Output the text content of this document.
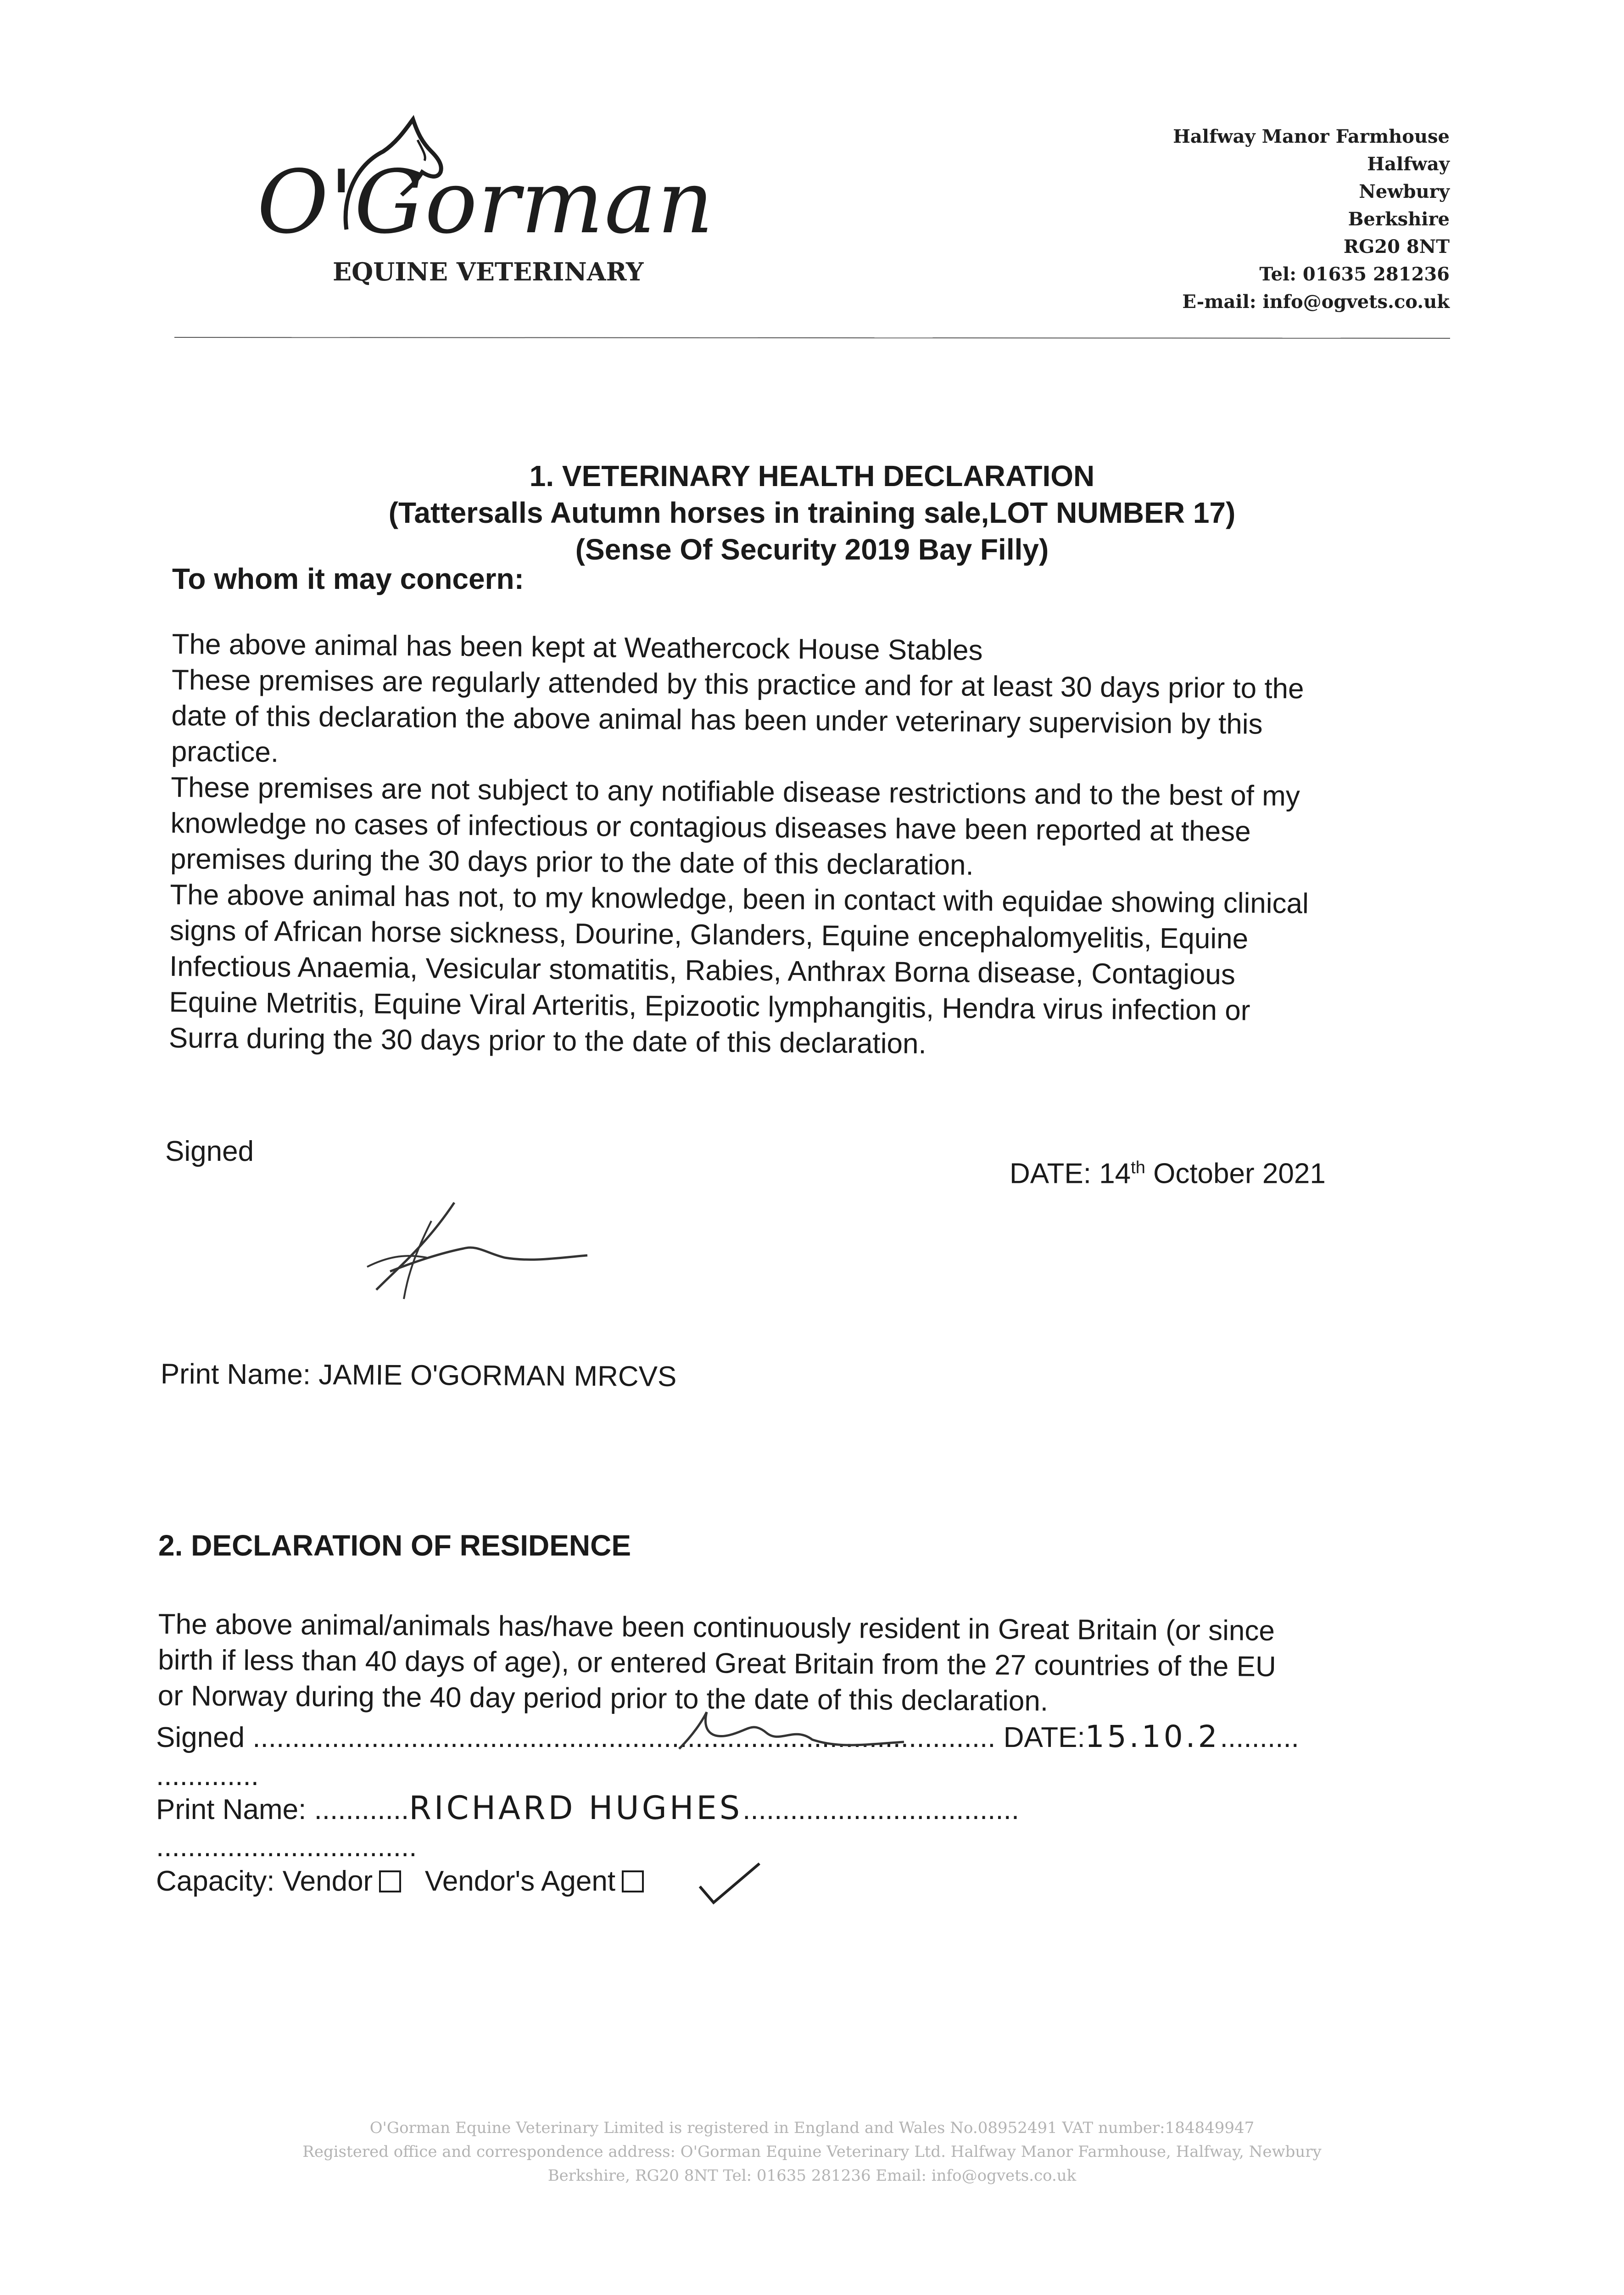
O'Gorman
EQUINE VETERINARY
Halfway Manor Farmhouse
Halfway
Newbury
Berkshire
RG20 8NT
Tel: 01635 281236
E-mail: info@ogvets.co.uk
1. VETERINARY HEALTH DECLARATION
(Tattersalls Autumn horses in training sale,LOT NUMBER 17)
(Sense Of Security 2019 Bay Filly)
To whom it may concern:
The above animal has been kept at Weathercock House Stables
These premises are regularly attended by this practice and for at least 30 days prior to the
date of this declaration the above animal has been under veterinary supervision by this
practice.
These premises are not subject to any notifiable disease restrictions and to the best of my
knowledge no cases of infectious or contagious diseases have been reported at these
premises during the 30 days prior to the date of this declaration.
The above animal has not, to my knowledge, been in contact with equidae showing clinical
signs of African horse sickness, Dourine, Glanders, Equine encephalomyelitis, Equine
Infectious Anaemia, Vesicular stomatitis, Rabies, Anthrax Borna disease, Contagious
Equine Metritis, Equine Viral Arteritis, Epizootic lymphangitis, Hendra virus infection or
Surra during the 30 days prior to the date of this declaration.
Signed
DATE: 14th October 2021
Print Name: JAMIE O'GORMAN MRCVS
2. DECLARATION OF RESIDENCE
The above animal/animals has/have been continuously resident in Great Britain (or since
birth if less than 40 days of age), or entered Great Britain from the 27 countries of the EU
or Norway during the 40 day period prior to the date of this declaration.
Signed .............................................................................................. DATE:15.10.2..........
.............
Print Name: ............RICHARD HUGHES...................................
.................................
Capacity: Vendor Vendor's Agent
O'Gorman Equine Veterinary Limited is registered in England and Wales No.08952491 VAT number:184849947
Registered office and correspondence address: O'Gorman Equine Veterinary Ltd. Halfway Manor Farmhouse, Halfway, Newbury
Berkshire, RG20 8NT Tel: 01635 281236 Email: info@ogvets.co.uk
